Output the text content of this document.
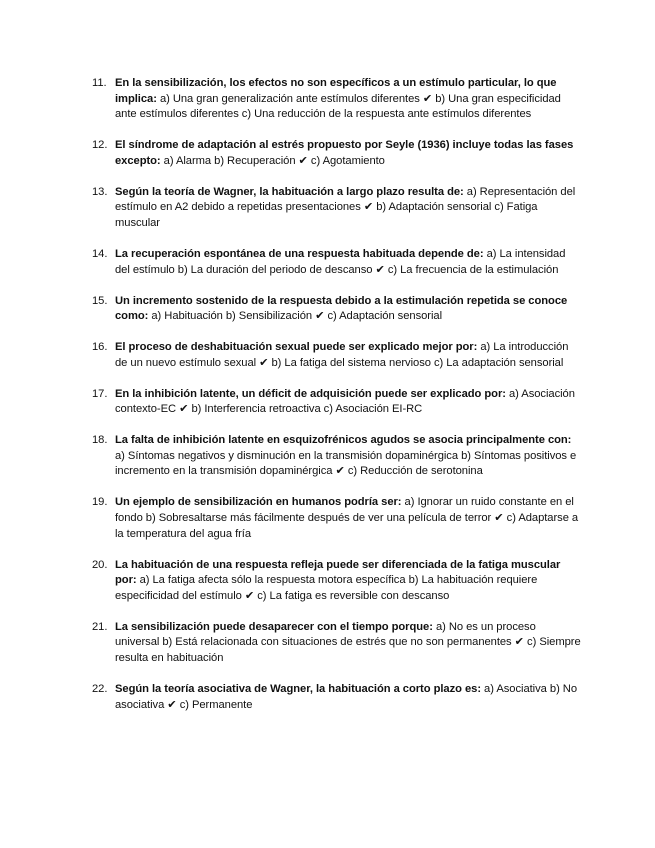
11. En la sensibilización, los efectos no son específicos a un estímulo particular, lo que implica: a) Una gran generalización ante estímulos diferentes ✔ b) Una gran especificidad ante estímulos diferentes c) Una reducción de la respuesta ante estímulos diferentes
12. El síndrome de adaptación al estrés propuesto por Seyle (1936) incluye todas las fases excepto: a) Alarma b) Recuperación ✔ c) Agotamiento
13. Según la teoría de Wagner, la habituación a largo plazo resulta de: a) Representación del estímulo en A2 debido a repetidas presentaciones ✔ b) Adaptación sensorial c) Fatiga muscular
14. La recuperación espontánea de una respuesta habituada depende de: a) La intensidad del estímulo b) La duración del periodo de descanso ✔ c) La frecuencia de la estimulación
15. Un incremento sostenido de la respuesta debido a la estimulación repetida se conoce como: a) Habituación b) Sensibilización ✔ c) Adaptación sensorial
16. El proceso de deshabituación sexual puede ser explicado mejor por: a) La introducción de un nuevo estímulo sexual ✔ b) La fatiga del sistema nervioso c) La adaptación sensorial
17. En la inhibición latente, un déficit de adquisición puede ser explicado por: a) Asociación contexto-EC ✔ b) Interferencia retroactiva c) Asociación EI-RC
18. La falta de inhibición latente en esquizofrénicos agudos se asocia principalmente con: a) Síntomas negativos y disminución en la transmisión dopaminérgica b) Síntomas positivos e incremento en la transmisión dopaminérgica ✔ c) Reducción de serotonina
19. Un ejemplo de sensibilización en humanos podría ser: a) Ignorar un ruido constante en el fondo b) Sobresaltarse más fácilmente después de ver una película de terror ✔ c) Adaptarse a la temperatura del agua fría
20. La habituación de una respuesta refleja puede ser diferenciada de la fatiga muscular por: a) La fatiga afecta sólo la respuesta motora específica b) La habituación requiere especificidad del estímulo ✔ c) La fatiga es reversible con descanso
21. La sensibilización puede desaparecer con el tiempo porque: a) No es un proceso universal b) Está relacionada con situaciones de estrés que no son permanentes ✔ c) Siempre resulta en habituación
22. Según la teoría asociativa de Wagner, la habituación a corto plazo es: a) Asociativa b) No asociativa ✔ c) Permanente
